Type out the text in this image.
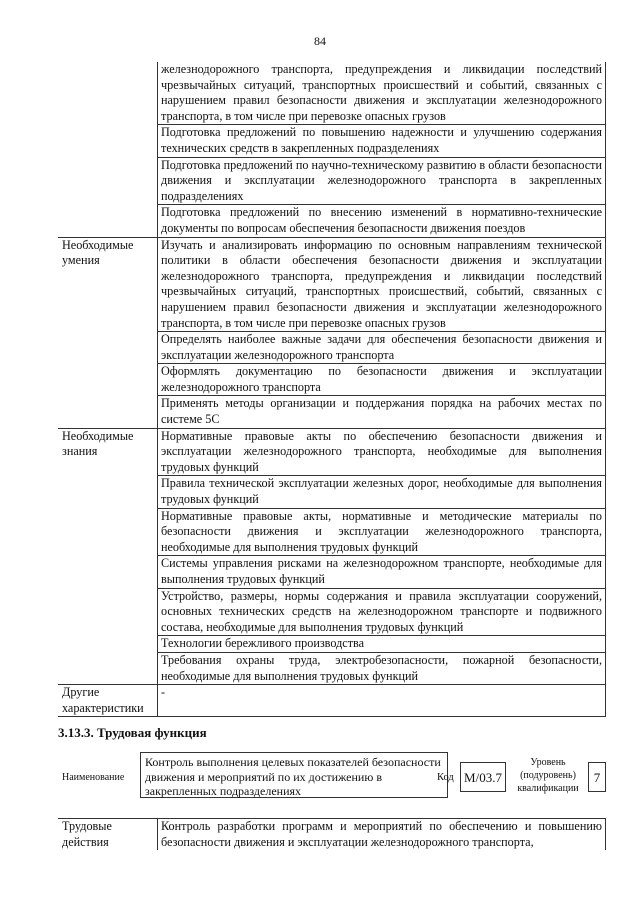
84
	железнодорожного транспорта, предупреждения и ликвидации последствий чрезвычайных ситуаций, транспортных происшествий и событий, связанных с нарушением правил безопасности движения и эксплуатации железнодорожного транспорта, в том числе при перевозке опасных грузов
	Подготовка предложений по повышению надежности и улучшению содержания технических средств в закрепленных подразделениях
	Подготовка предложений по научно-техническому развитию в области безопасности движения и эксплуатации железнодорожного транспорта в закрепленных подразделениях
	Подготовка предложений по внесению изменений в нормативно-технические документы по вопросам обеспечения безопасности движения поездов
Необходимые умения	Изучать и анализировать информацию по основным направлениям технической политики в области обеспечения безопасности движения и эксплуатации железнодорожного транспорта, предупреждения и ликвидации последствий чрезвычайных ситуаций, транспортных происшествий, событий, связанных с нарушением правил безопасности движения и эксплуатации железнодорожного транспорта, в том числе при перевозке опасных грузов
	Определять наиболее важные задачи для обеспечения безопасности движения и эксплуатации железнодорожного транспорта
	Оформлять документацию по безопасности движения и эксплуатации железнодорожного транспорта
	Применять методы организации и поддержания порядка на рабочих местах по системе 5С
Необходимые знания	Нормативные правовые акты по обеспечению безопасности движения и эксплуатации железнодорожного транспорта, необходимые для выполнения трудовых функций
	Правила технической эксплуатации железных дорог, необходимые для выполнения трудовых функций
	Нормативные правовые акты, нормативные и методические материалы по безопасности движения и эксплуатации железнодорожного транспорта, необходимые для выполнения трудовых функций
	Системы управления рисками на железнодорожном транспорте, необходимые для выполнения трудовых функций
	Устройство, размеры, нормы содержания и правила эксплуатации сооружений, основных технических средств на железнодорожном транспорте и подвижного состава, необходимые для выполнения трудовых функций
	Технологии бережливого производства
	Требования охраны труда, электробезопасности, пожарной безопасности, необходимые для выполнения трудовых функций
Другие характеристики	-
3.13.3. Трудовая функция
Наименование
Контроль выполнения целевых показателей безопасности движения и мероприятий по их достижению в закрепленных подразделениях
Код M/03.7
Уровень (подуровень) квалификации
7
Трудовые действия	Контроль разработки программ и мероприятий по обеспечению и повышению безопасности движения и эксплуатации железнодорожного транспорта,
